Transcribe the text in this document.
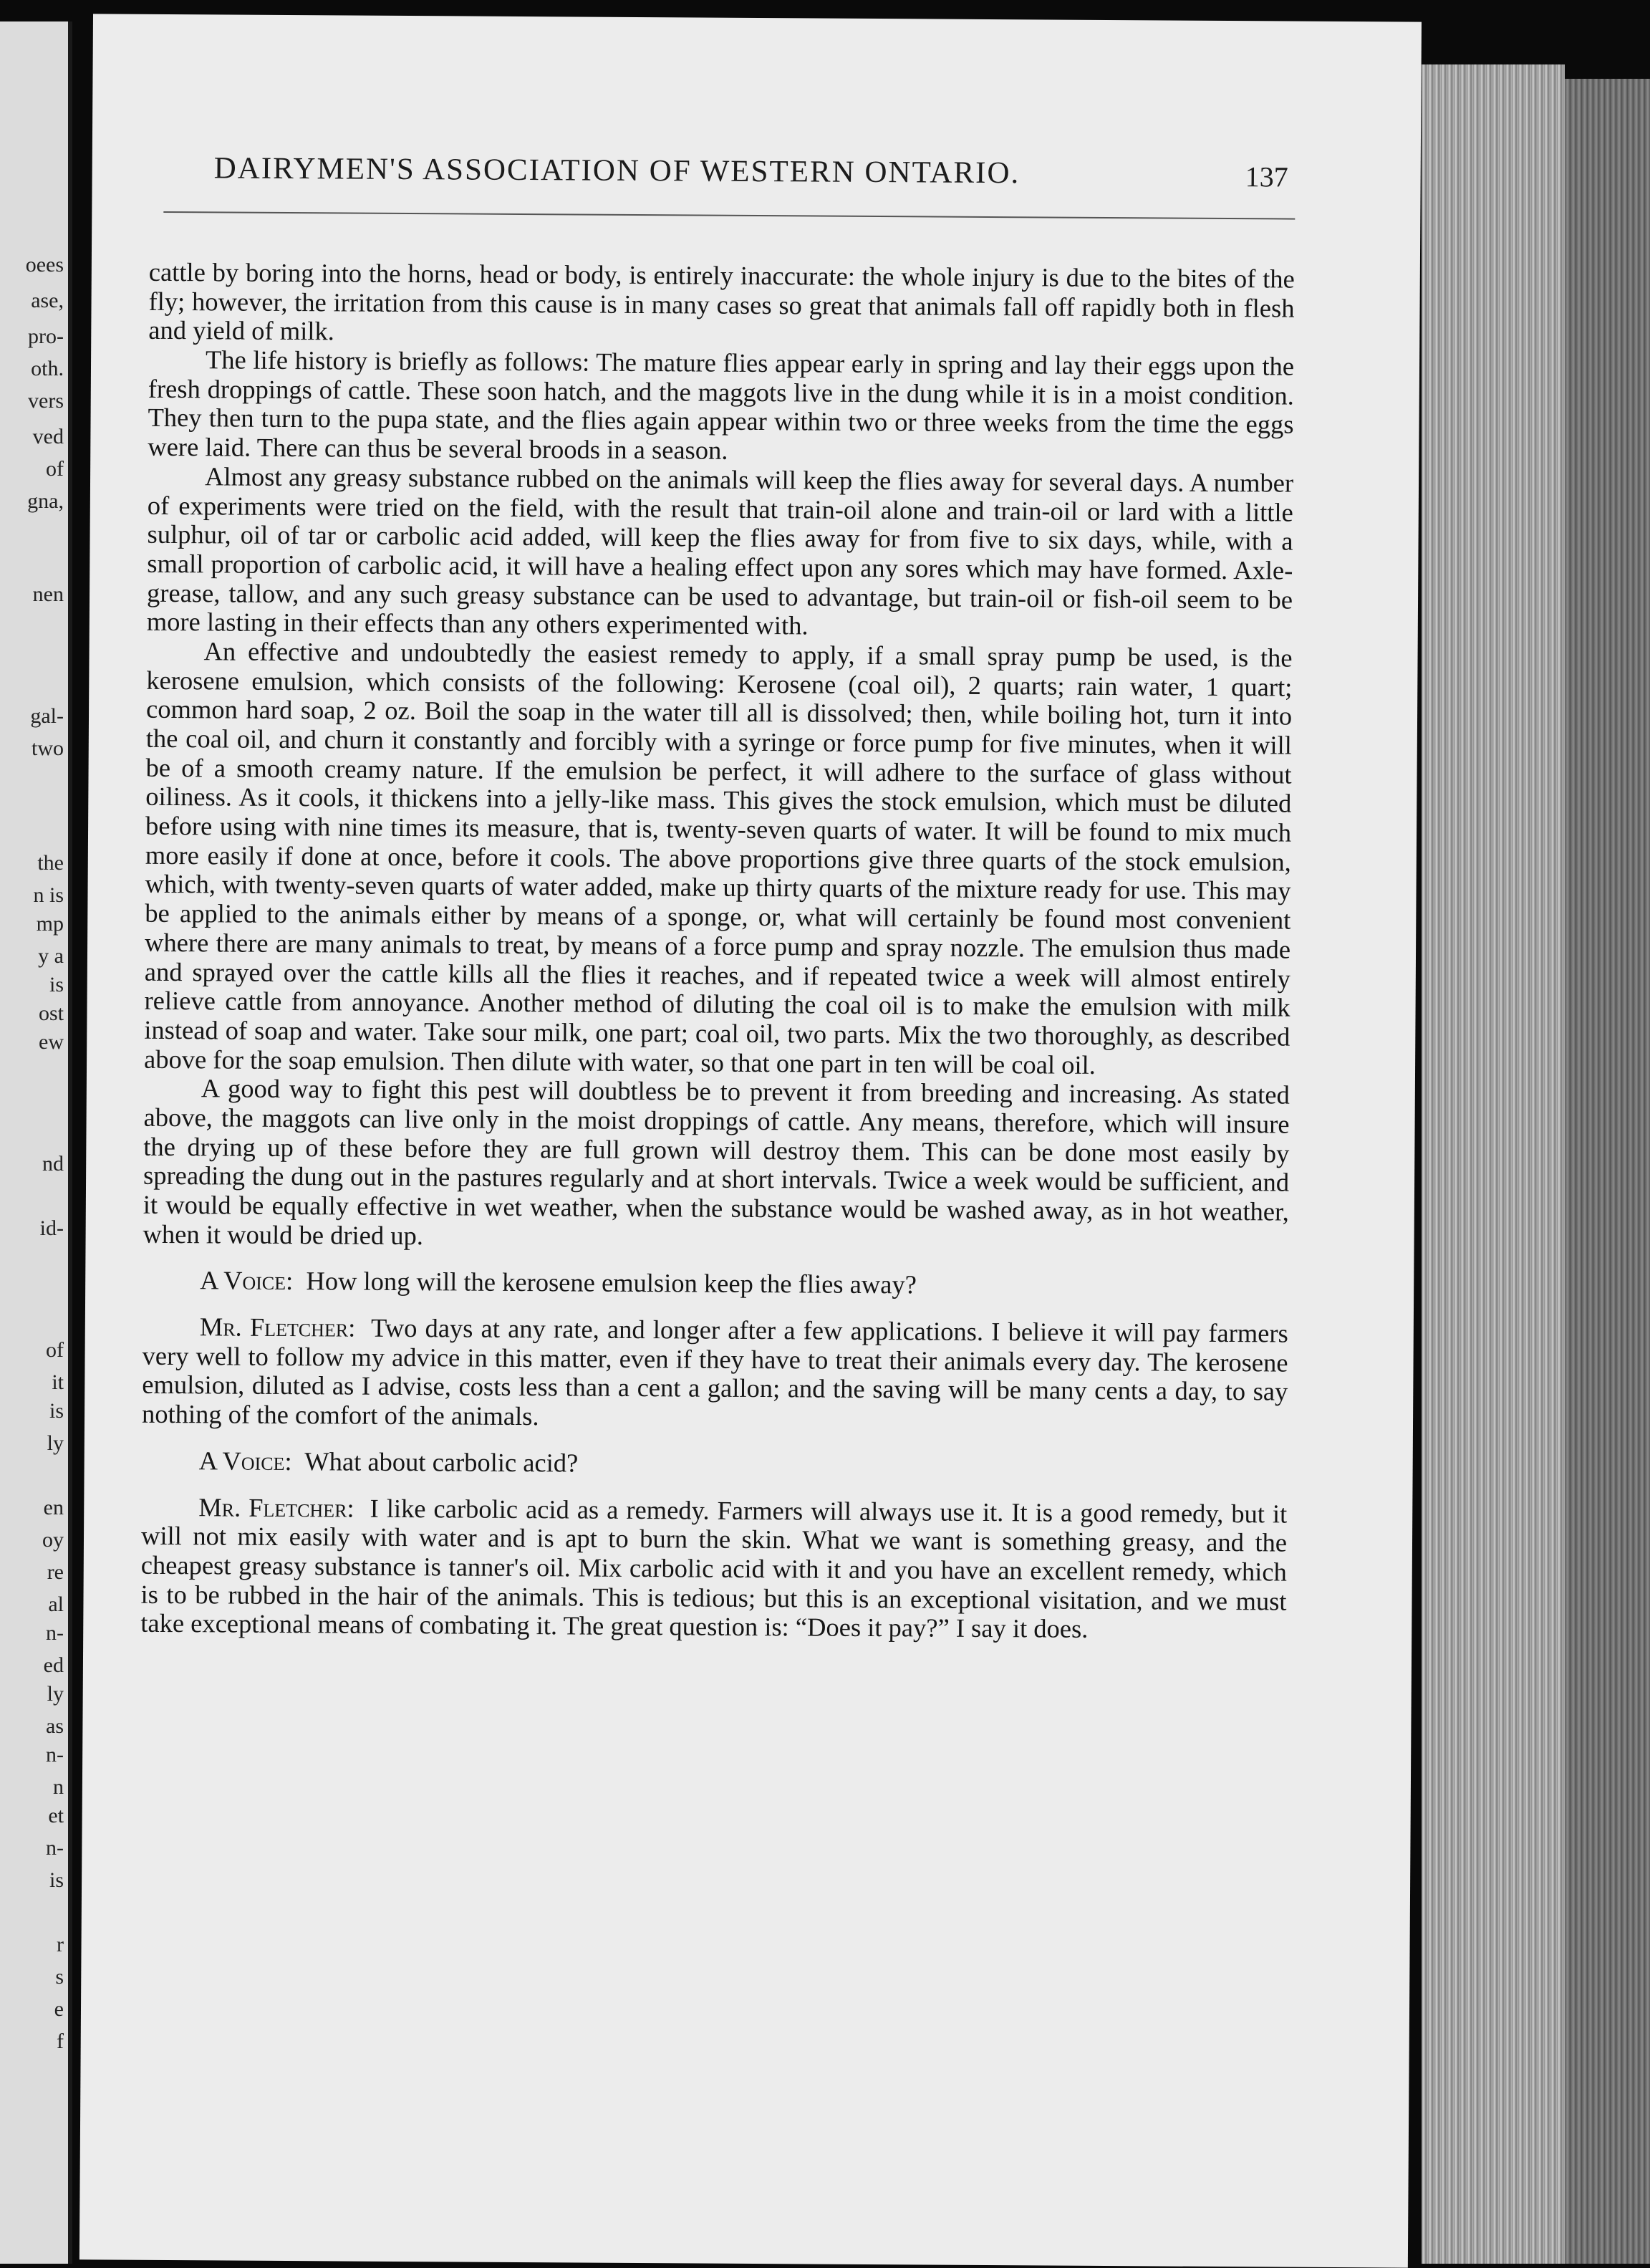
oees
ase,
pro-
oth.
vers
ved
of
gna,
nen
gal-
two
the
n is
mp
y a
is
ost
ew
nd
id-
of
it
is
ly
en
oy
re
al
n-
ed
ly
as
n-
n
et
n-
is
r
s
e
f
DAIRYMEN'S ASSOCIATION OF WESTERN ONTARIO.	137

cattle by boring into the horns, head or body, is entirely inaccurate: the whole injury is due to the bites of the fly; however, the irritation from this cause is in many cases so great that animals fall off rapidly both in flesh and yield of milk.

The life history is briefly as follows: The mature flies appear early in spring and lay their eggs upon the fresh droppings of cattle. These soon hatch, and the maggots live in the dung while it is in a moist condition. They then turn to the pupa state, and the flies again appear within two or three weeks from the time the eggs were laid. There can thus be several broods in a season.

Almost any greasy substance rubbed on the animals will keep the flies away for several days. A number of experiments were tried on the field, with the result that train-oil alone and train-oil or lard with a little sulphur, oil of tar or carbolic acid added, will keep the flies away for from five to six days, while, with a small proportion of carbolic acid, it will have a healing effect upon any sores which may have formed. Axle-grease, tallow, and any such greasy substance can be used to advantage, but train-oil or fish-oil seem to be more lasting in their effects than any others experimented with.

An effective and undoubtedly the easiest remedy to apply, if a small spray pump be used, is the kerosene emulsion, which consists of the following: Kerosene (coal oil), 2 quarts; rain water, 1 quart; common hard soap, 2 oz. Boil the soap in the water till all is dissolved; then, while boiling hot, turn it into the coal oil, and churn it constantly and forcibly with a syringe or force pump for five minutes, when it will be of a smooth creamy nature. If the emulsion be perfect, it will adhere to the surface of glass without oiliness. As it cools, it thickens into a jelly-like mass. This gives the stock emulsion, which must be diluted before using with nine times its measure, that is, twenty-seven quarts of water. It will be found to mix much more easily if done at once, before it cools. The above proportions give three quarts of the stock emulsion, which, with twenty-seven quarts of water added, make up thirty quarts of the mixture ready for use. This may be applied to the animals either by means of a sponge, or, what will certainly be found most convenient where there are many animals to treat, by means of a force pump and spray nozzle. The emulsion thus made and sprayed over the cattle kills all the flies it reaches, and if repeated twice a week will almost entirely relieve cattle from annoyance. Another method of diluting the coal oil is to make the emulsion with milk instead of soap and water. Take sour milk, one part; coal oil, two parts. Mix the two thoroughly, as described above for the soap emulsion. Then dilute with water, so that one part in ten will be coal oil.

A good way to fight this pest will doubtless be to prevent it from breeding and increasing. As stated above, the maggots can live only in the moist droppings of cattle. Any means, therefore, which will insure the drying up of these before they are full grown will destroy them. This can be done most easily by spreading the dung out in the pastures regularly and at short intervals. Twice a week would be sufficient, and it would be equally effective in wet weather, when the substance would be washed away, as in hot weather, when it would be dried up.

A Voice: How long will the kerosene emulsion keep the flies away?

Mr. Fletcher: Two days at any rate, and longer after a few applications. I believe it will pay farmers very well to follow my advice in this matter, even if they have to treat their animals every day. The kerosene emulsion, diluted as I advise, costs less than a cent a gallon; and the saving will be many cents a day, to say nothing of the comfort of the animals.

A Voice: What about carbolic acid?

Mr. Fletcher: I like carbolic acid as a remedy. Farmers will always use it. It is a good remedy, but it will not mix easily with water and is apt to burn the skin. What we want is something greasy, and the cheapest greasy substance is tanner's oil. Mix carbolic acid with it and you have an excellent remedy, which is to be rubbed in the hair of the animals. This is tedious; but this is an exceptional visitation, and we must take exceptional means of combating it. The great question is: “Does it pay?” I say it does.
